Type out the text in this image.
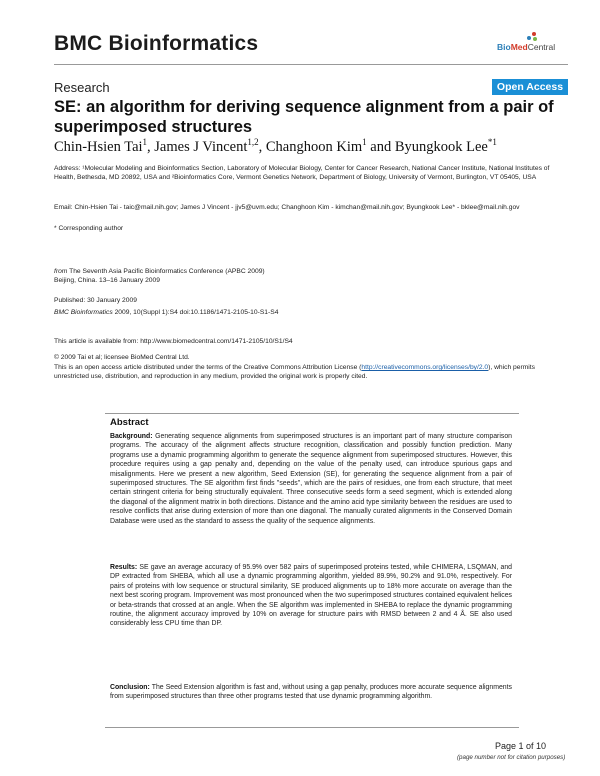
BMC Bioinformatics	BioMedCentral
Research	Open Access
SE: an algorithm for deriving sequence alignment from a pair of superimposed structures
Chin-Hsien Tai$^1$, James J Vincent$^{1,2}$, Changhoon Kim$^1$ and Byungkook Lee$^{*1}$
Address: ¹Molecular Modeling and Bioinformatics Section, Laboratory of Molecular Biology, Center for Cancer Research, National Cancer Institute, National Institutes of Health, Bethesda, MD 20892, USA and ²Bioinformatics Core, Vermont Genetics Network, Department of Biology, University of Vermont, Burlington, VT 05405, USA
Email: Chin-Hsien Tai - taic@mail.nih.gov; James J Vincent - jjv5@uvm.edu; Changhoon Kim - kimchan@mail.nih.gov; Byungkook Lee* - bklee@mail.nih.gov
* Corresponding author
from The Seventh Asia Pacific Bioinformatics Conference (APBC 2009)
Beijing, China. 13–16 January 2009
Published: 30 January 2009
BMC Bioinformatics 2009, 10(Suppl 1):S4 doi:10.1186/1471-2105-10-S1-S4
This article is available from: http://www.biomedcentral.com/1471-2105/10/S1/S4
© 2009 Tai et al; licensee BioMed Central Ltd.
This is an open access article distributed under the terms of the Creative Commons Attribution License (http://creativecommons.org/licenses/by/2.0), which permits unrestricted use, distribution, and reproduction in any medium, provided the original work is properly cited.
Abstract
Background: Generating sequence alignments from superimposed structures is an important part of many structure comparison programs. The accuracy of the alignment affects structure recognition, classification and possibly function prediction. Many programs use a dynamic programming algorithm to generate the sequence alignment from superimposed structures. However, this procedure requires using a gap penalty and, depending on the value of the penalty used, can introduce spurious gaps and misalignments. Here we present a new algorithm, Seed Extension (SE), for generating the sequence alignment from a pair of superimposed structures. The SE algorithm first finds "seeds", which are the pairs of residues, one from each structure, that meet certain stringent criteria for being structurally equivalent. Three consecutive seeds form a seed segment, which is extended along the diagonal of the alignment matrix in both directions. Distance and the amino acid type similarity between the residues are used to resolve conflicts that arise during extension of more than one diagonal. The manually curated alignments in the Conserved Domain Database were used as the standard to assess the quality of the sequence alignments.
Results: SE gave an average accuracy of 95.9% over 582 pairs of superimposed proteins tested, while CHIMERA, LSQMAN, and DP extracted from SHEBA, which all use a dynamic programming algorithm, yielded 89.9%, 90.2% and 91.0%, respectively. For pairs of proteins with low sequence or structural similarity, SE produced alignments up to 18% more accurate on average than the next best scoring program. Improvement was most pronounced when the two superimposed structures contained equivalent helices or beta-strands that crossed at an angle. When the SE algorithm was implemented in SHEBA to replace the dynamic programming routine, the alignment accuracy improved by 10% on average for structure pairs with RMSD between 2 and 4 Å. SE also used considerably less CPU time than DP.
Conclusion: The Seed Extension algorithm is fast and, without using a gap penalty, produces more accurate sequence alignments from superimposed structures than three other programs tested that use dynamic programming algorithm.
Page 1 of 10
(page number not for citation purposes)
